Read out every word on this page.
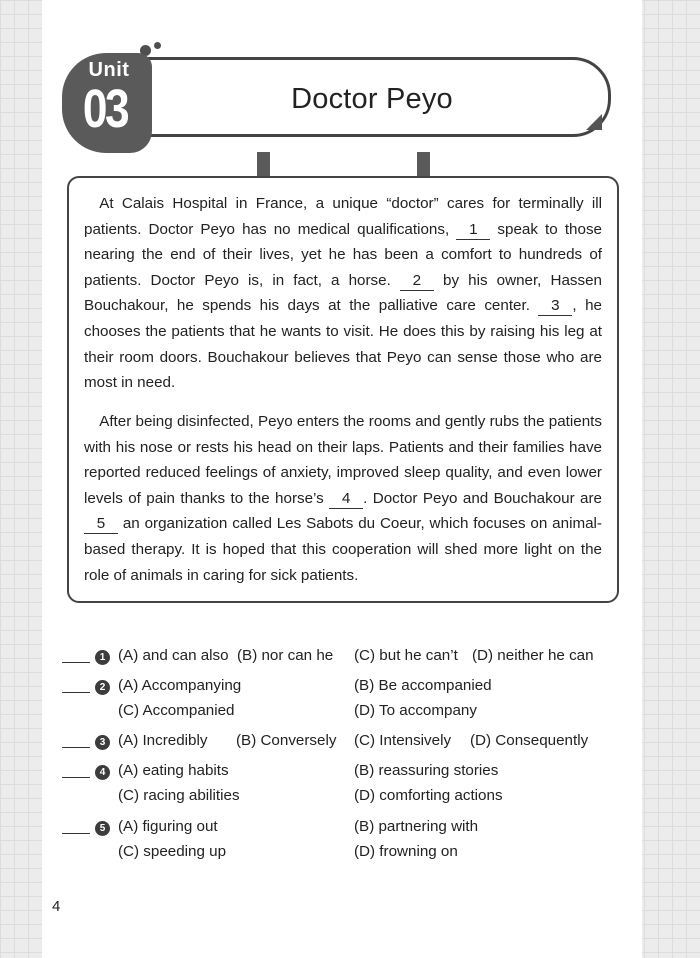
Unit
03	Doctor Peyo

 At Calais Hospital in France, a unique “doctor” cares for terminally ill patients. Doctor Peyo has no medical qualifications, 1 speak to those nearing the end of their lives, yet he has been a comfort to hundreds of patients. Doctor Peyo is, in fact, a horse. 2 by his owner, Hassen Bouchakour, he spends his days at the palliative care center. 3 , he chooses the patients that he wants to visit. He does this by raising his leg at their room doors. Bouchakour believes that Peyo can sense those who are most in need.

 After being disinfected, Peyo enters the rooms and gently rubs the patients with his nose or rests his head on their laps. Patients and their families have reported reduced feelings of anxiety, improved sleep quality, and even lower levels of pain thanks to the horse’s 4 . Doctor Peyo and Bouchakour are 5 an organization called Les Sabots du Coeur, which focuses on animal-based therapy. It is hoped that this cooperation will shed more light on the role of animals in caring for sick patients.

1 (A) and can also (B) nor can he (C) but he can’t (D) neither he can
2 (A) Accompanying	(B) Be accompanied
(C) Accompanied	(D) To accompany
3 (A) Incredibly (B) Conversely (C) Intensively (D) Consequently
4 (A) eating habits	(B) reassuring stories
(C) racing abilities	(D) comforting actions
5 (A) figuring out	(B) partnering with
(C) speeding up	(D) frowning on
4
